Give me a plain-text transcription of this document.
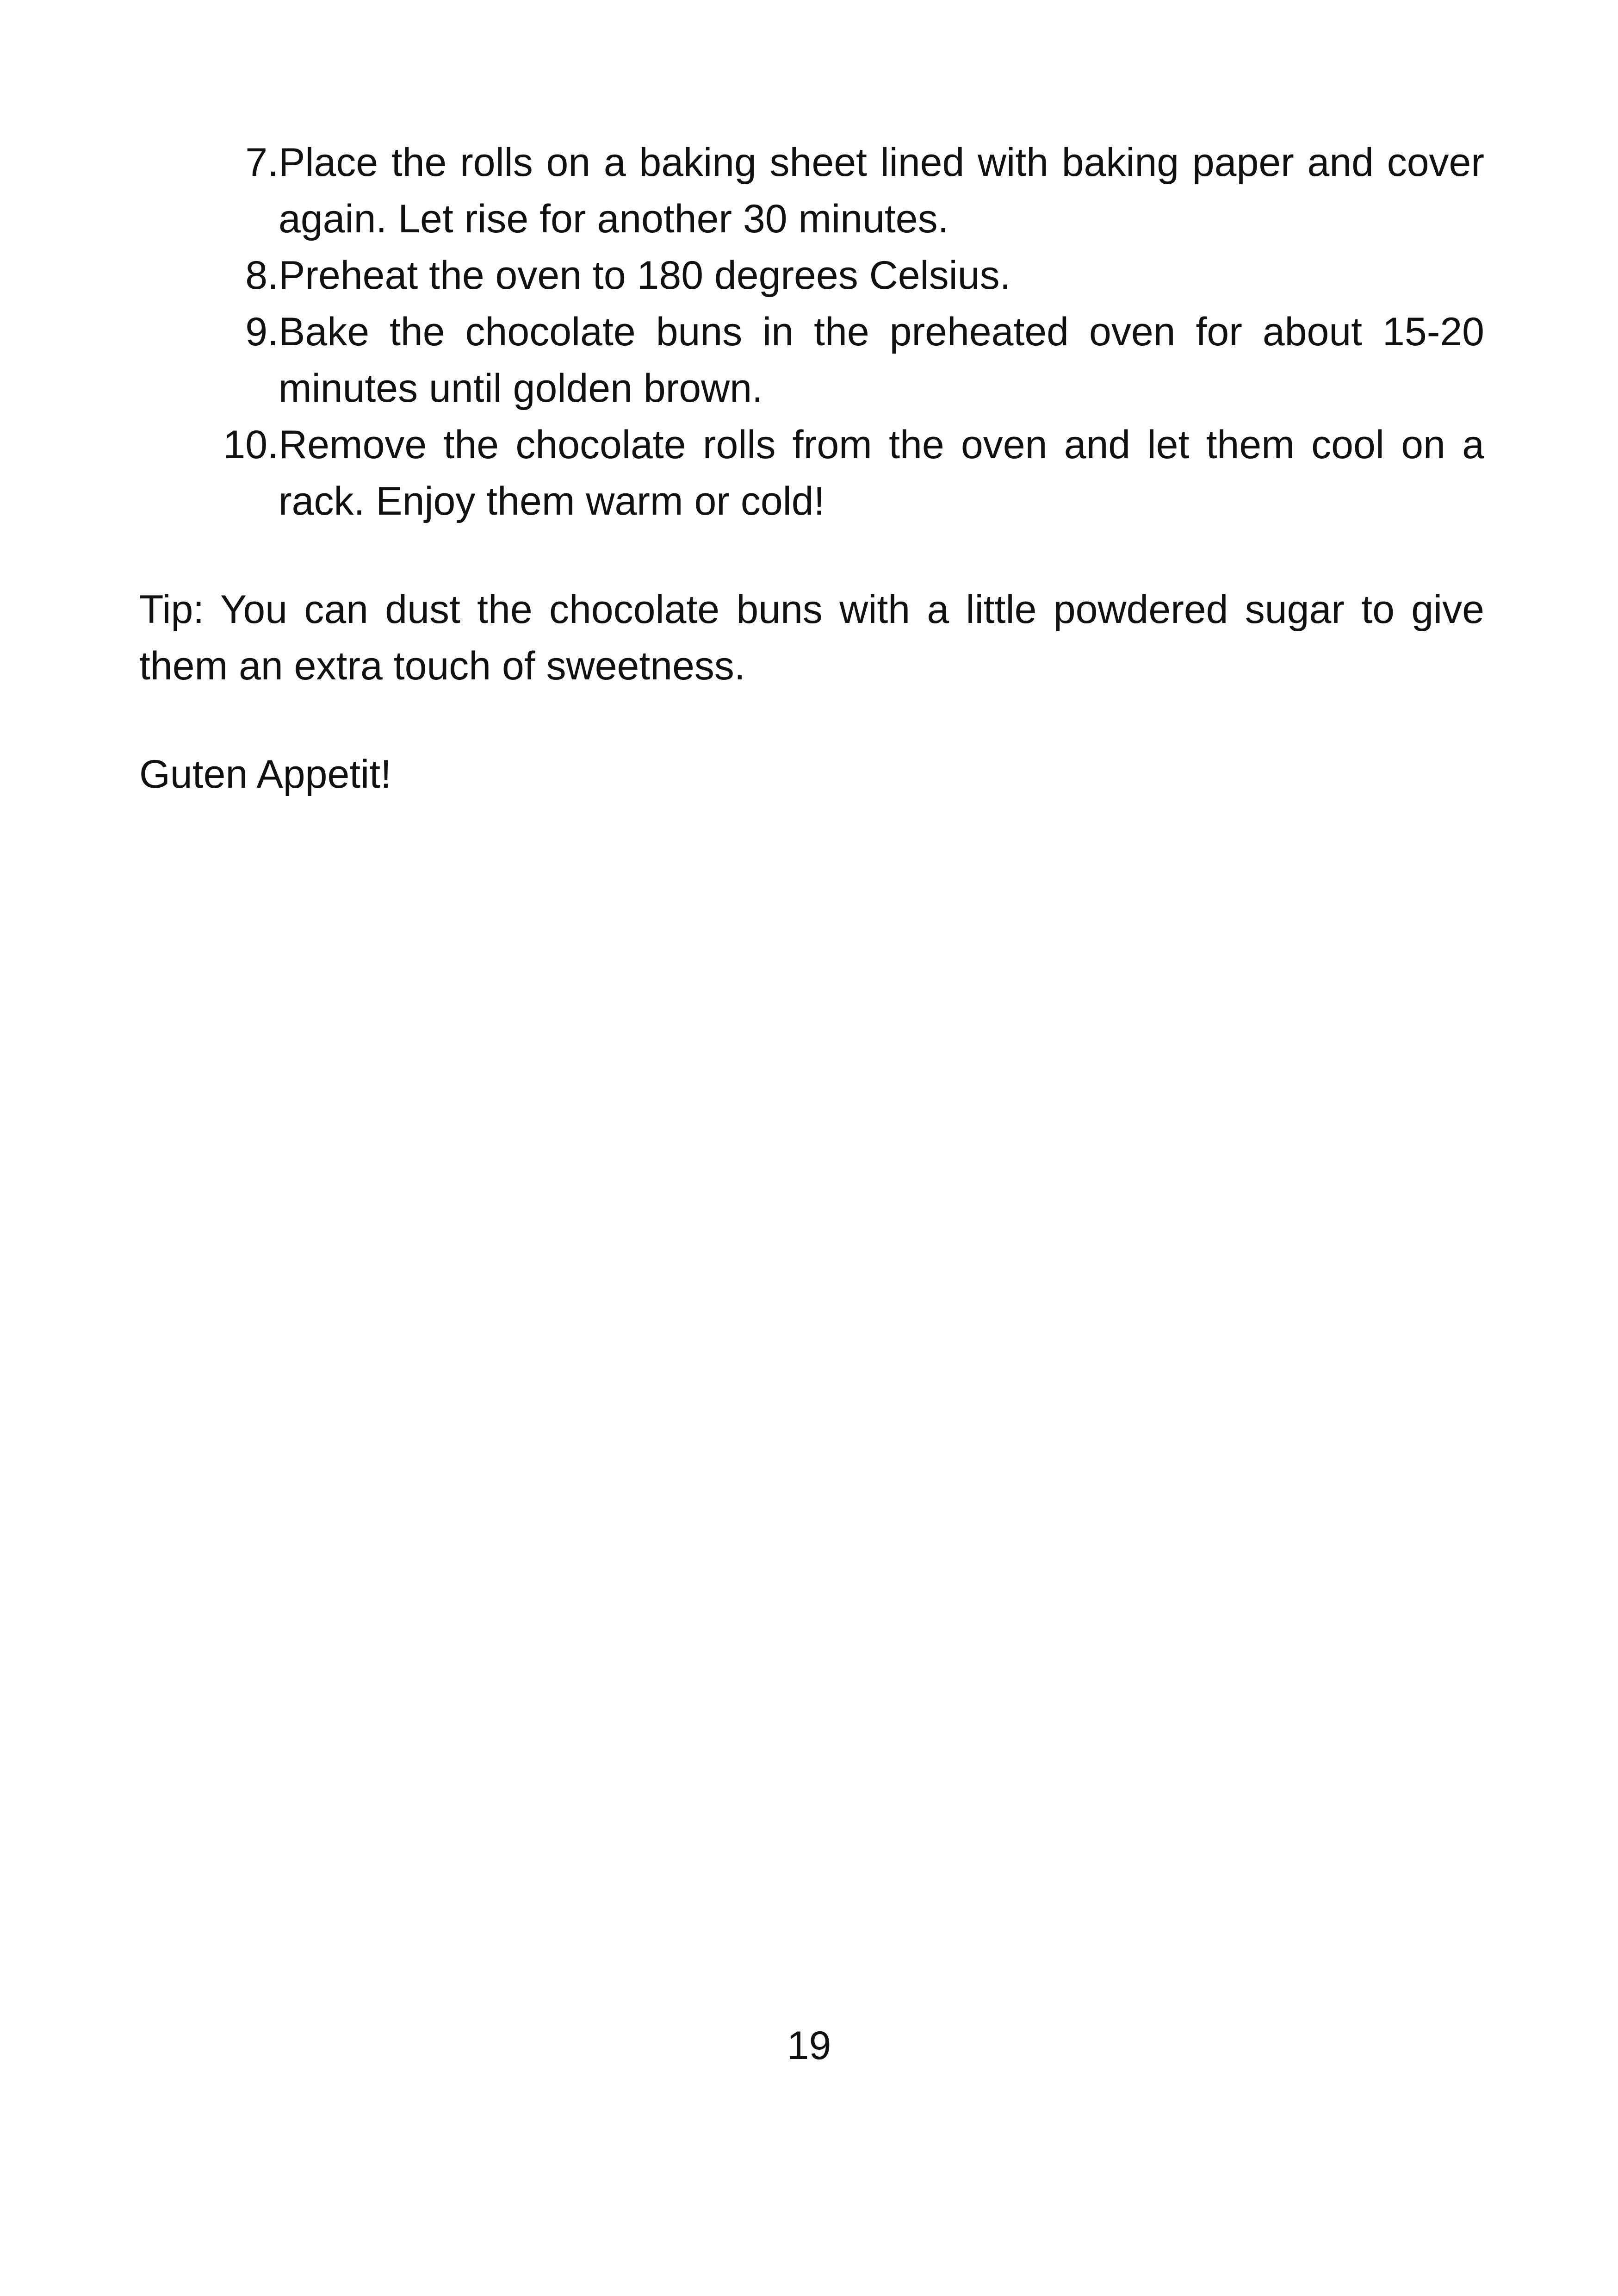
7. Place the rolls on a baking sheet lined with baking paper and cover again. Let rise for another 30 minutes.
8. Preheat the oven to 180 degrees Celsius.
9. Bake the chocolate buns in the preheated oven for about 15-20 minutes until golden brown.
10. Remove the chocolate rolls from the oven and let them cool on a rack. Enjoy them warm or cold!

Tip: You can dust the chocolate buns with a little powdered sugar to give them an extra touch of sweetness.

Guten Appetit!

19
